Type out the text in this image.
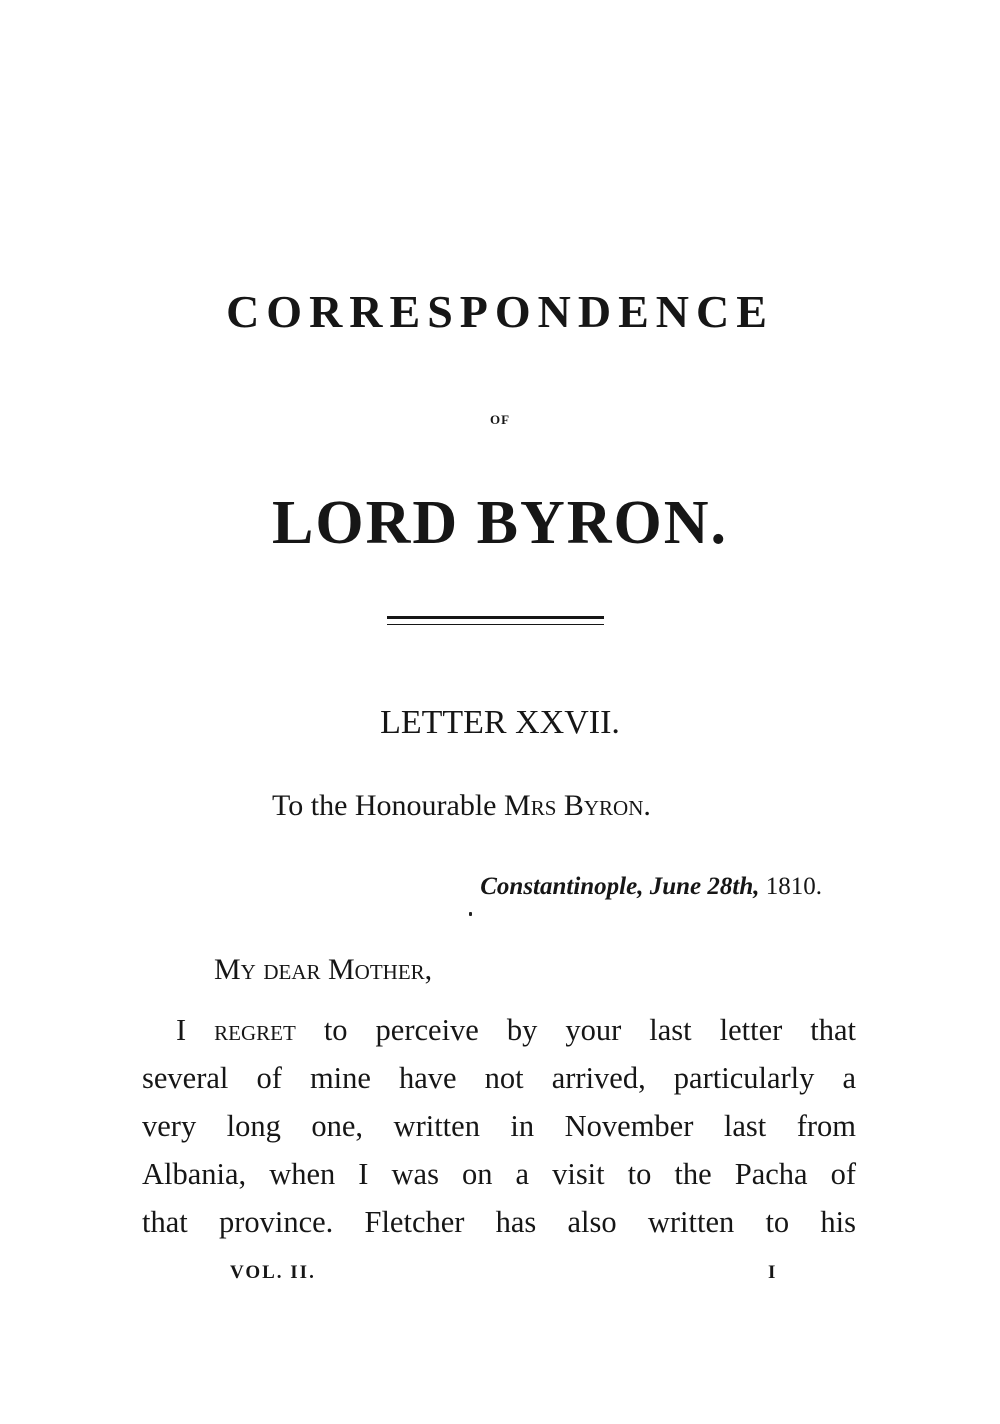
CORRESPONDENCE
OF
LORD BYRON.
LETTER XXVII.
To the Honourable Mrs Byron.
Constantinople, June 28th, 1810.
My dear Mother,
I regret to perceive by your last letter that
several of mine have not arrived, particularly a
very long one, written in November last from
Albania, when I was on a visit to the Pacha of
that province. Fletcher has also written to his
VOL. II.	I
